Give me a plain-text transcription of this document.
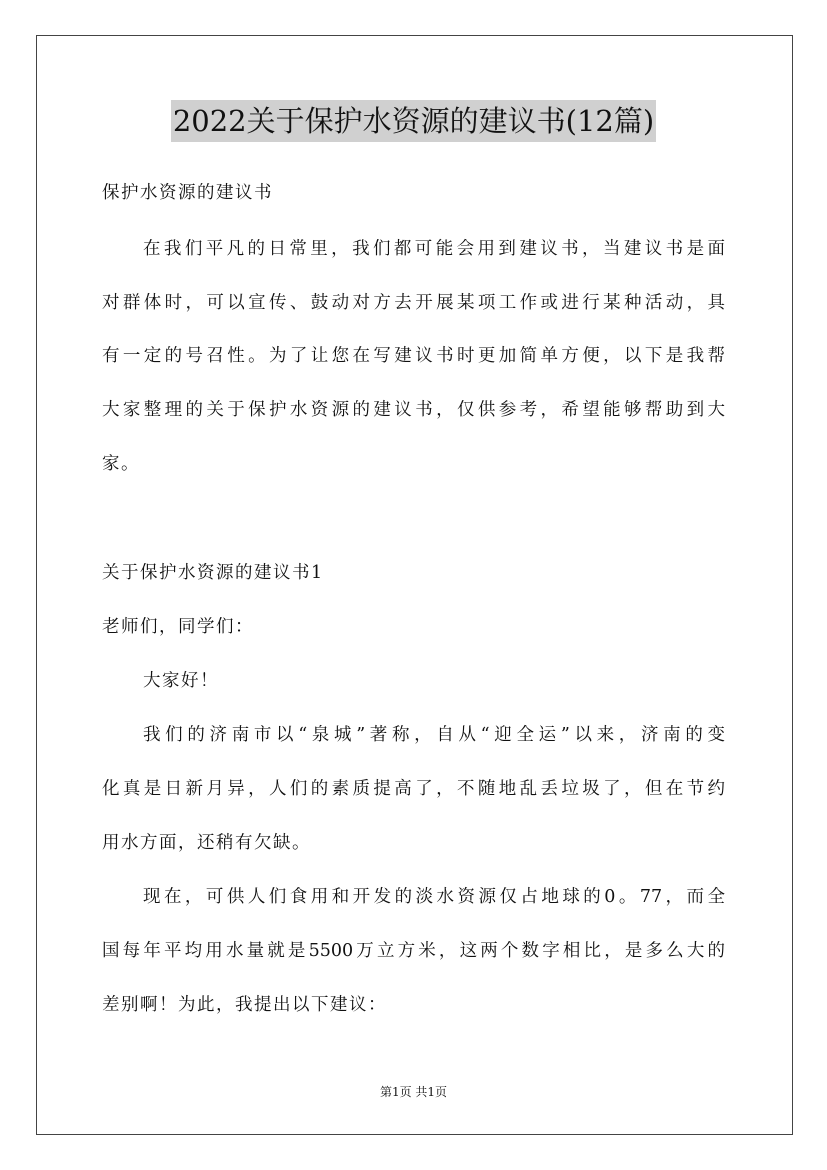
2022关于保护水资源的建议书(12篇)
保护水资源的建议书
在我们平凡的日常里，我们都可能会用到建议书，当建议书是面
对群体时，可以宣传、鼓动对方去开展某项工作或进行某种活动，具
有一定的号召性。为了让您在写建议书时更加简单方便，以下是我帮
大家整理的关于保护水资源的建议书，仅供参考，希望能够帮助到大
家。
关于保护水资源的建议书1
老师们，同学们：
大家好！
我们的济南市以“泉城”著称，自从“迎全运”以来，济南的变
化真是日新月异，人们的素质提高了，不随地乱丢垃圾了，但在节约
用水方面，还稍有欠缺。
现在，可供人们食用和开发的淡水资源仅占地球的0。77，而全
国每年平均用水量就是5500万立方米，这两个数字相比，是多么大的
差别啊！为此，我提出以下建议：
第1页 共1页
